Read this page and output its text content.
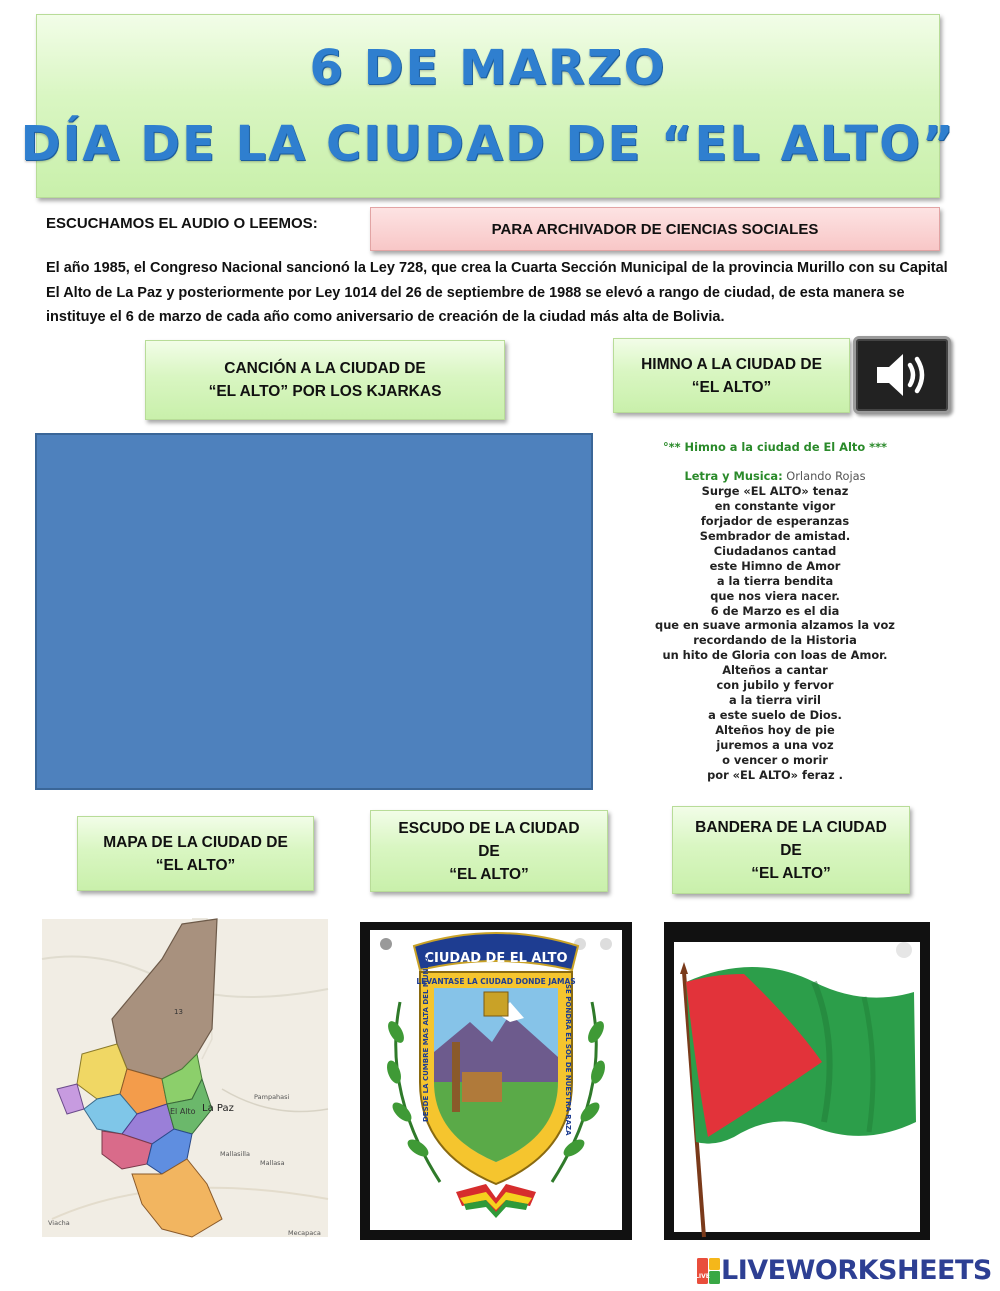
6 DE MARZO
DÍA DE LA CIUDAD DE “EL ALTO”
ESCUCHAMOS EL AUDIO O LEEMOS:	PARA ARCHIVADOR DE CIENCIAS SOCIALES
El año 1985, el Congreso Nacional sancionó la Ley 728, que crea la Cuarta Sección Municipal de la provincia Murillo con su Capital El Alto de La Paz y posteriormente por Ley 1014 del 26 de septiembre de 1988 se elevó a rango de ciudad, de esta manera se instituye el 6 de marzo de cada año como aniversario de creación de la ciudad más alta de Bolivia.
CANCIÓN A LA CIUDAD DE
“EL ALTO” POR LOS KJARKAS
HIMNO A LA CIUDAD DE
“EL ALTO”
°** Himno a la ciudad de El Alto ***
Letra y Musica: Orlando Rojas
Surge «EL ALTO» tenaz
en constante vigor
forjador de esperanzas
Sembrador de amistad.
Ciudadanos cantad
este Himno de Amor
a la tierra bendita
que nos viera nacer.
6 de Marzo es el dia
que en suave armonia alzamos la voz
recordando de la Historia
un hito de Gloria con loas de Amor.
Alteños a cantar
con jubilo y fervor
a la tierra viril
a este suelo de Dios.
Alteños hoy de pie
juremos a una voz
o vencer o morir
por «EL ALTO» feraz .
MAPA DE LA CIUDAD DE
“EL ALTO”
ESCUDO DE LA CIUDAD
DE
“EL ALTO”
BANDERA DE LA CIUDAD
DE
“EL ALTO”
13
El Alto La Paz
Pampahasi
Mallasilla
Mallasa
Viacha
Mecapaca
CIUDAD DE EL ALTO
LEVANTASE LA CIUDAD DONDE JAMAS
DESDE LA CUMBRE MAS ALTA DEL MUNDO	SE PONDRA EL SOL DE NUESTRA RAZA
LIVE LIVEWORKSHEETS
